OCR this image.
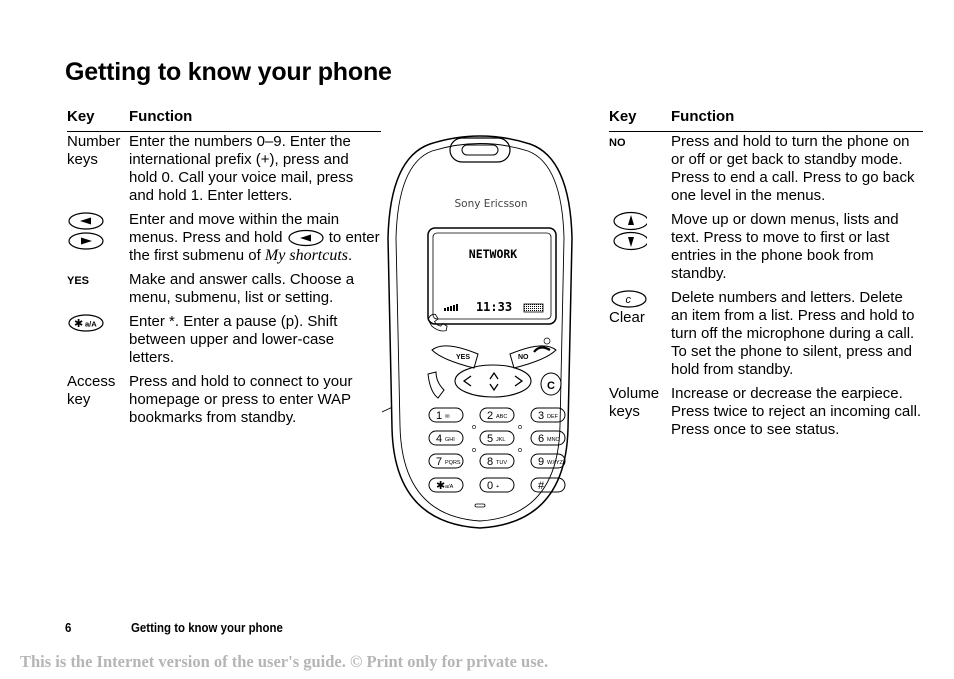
Getting to know your phone
Key	Function
Number keys	Enter the numbers 0–9. Enter the international prefix (+), press and hold 0. Call your voice mail, press and hold 1. Enter letters.

	Enter and move within the main menus. Press and hold to enter the first submenu of My shortcuts.
YES	Make and answer calls. Choose a menu, submenu, list or setting.

✱ a/A	Enter *. Enter a pause (p). Shift between upper and lower-case letters.
Access key	Press and hold to connect to your homepage or press to enter WAP bookmarks from standby.
Key	Function
NO	Press and hold to turn the phone on or off or get back to standby mode. Press to end a call. Press to go back one level in the menus.

	Move up or down menus, lists and text. Press to move to first or last entries in the phone book from standby.

c
Clear	Delete numbers and letters. Delete an item from a list. Press and hold to turn off the microphone during a call. To set the phone to silent, press and hold from standby.
Volume keys	Increase or decrease the earpiece. Press twice to reject an incoming call. Press once to see status.
Sony Ericsson
NETWORK
11:33
YES	NO
C
1 ✉	2 ABC	3 DEF
4 GHI	5 JKL	6 MNO
7 PQRS 8 TUV	9 WXYZ
✱ a/A	0 +	#
6	Getting to know your phone
This is the Internet version of the user's guide. © Print only for private use.
